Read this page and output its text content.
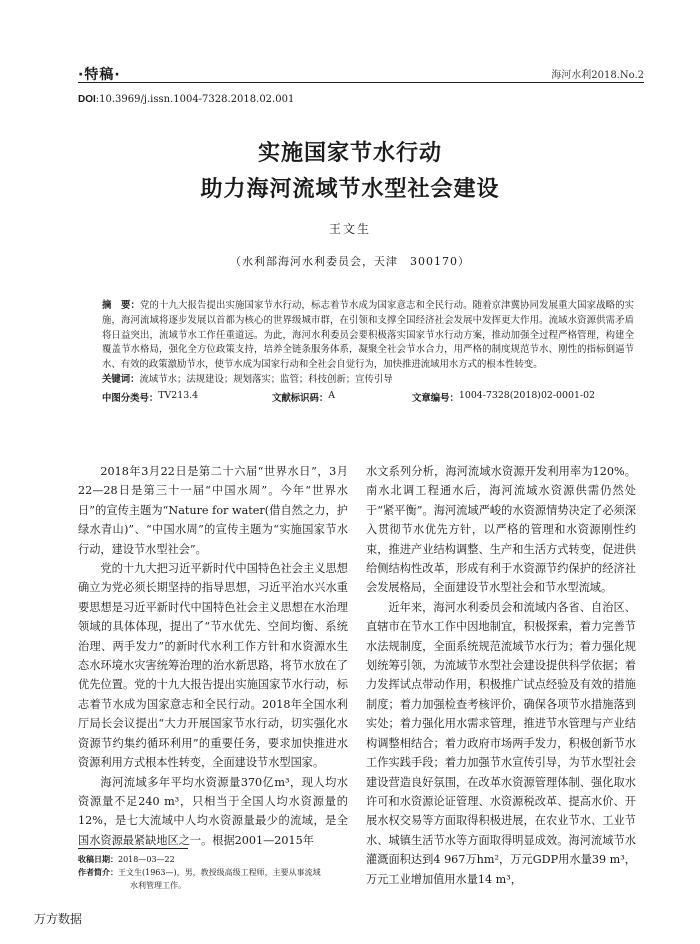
·特稿·	海河水利2018.No.2
DOI:10.3969/j.issn.1004-7328.2018.02.001
实施国家节水行动
助力海河流域节水型社会建设
王文生
（水利部海河水利委员会，天津　300170）
摘　要：党的十九大报告提出实施国家节水行动，标志着节水成为国家意志和全民行动。随着京津冀协同发展重大国家战略的实施，海河流域将逐步发展以首都为核心的世界级城市群，在引领和支撑全国经济社会发展中发挥更大作用。流域水资源供需矛盾将日益突出，流域节水工作任重道远。为此，海河水利委员会要积极落实国家节水行动方案，推动加强全过程严格管理，构建全覆盖节水格局，强化全方位政策支持，培养全链条服务体系，凝聚全社会节水合力，用严格的制度规范节水、刚性的指标倒逼节水、有效的政策激励节水，使节水成为国家行动和全社会自觉行为，加快推进流域用水方式的根本性转变。
关键词：流域节水；法规建设；规划落实；监管；科技创新；宣传引导
中图分类号： TV213.4	文献标识码： A	文章编号： 1004-7328(2018)02-0001-02

2018年3月22日是第二十六届“世界水日”，3月22—28日是第三十一届“中国水周”。今年“世界水日”的宣传主题为“Nature for water(借自然之力，护绿水青山)”、“中国水周”的宣传主题为“实施国家节水行动，建设节水型社会”。

党的十九大把习近平新时代中国特色社会主义思想确立为党必须长期坚持的指导思想，习近平治水兴水重要思想是习近平新时代中国特色社会主义思想在水治理领域的具体体现，提出了“节水优先、空间均衡、系统治理、两手发力”的新时代水利工作方针和水资源水生态水环境水灾害统筹治理的治水新思路，将节水放在了优先位置。党的十九大报告提出实施国家节水行动，标志着节水成为国家意志和全民行动。2018年全国水利厅局长会议提出“大力开展国家节水行动，切实强化水资源节约集约循环利用”的重要任务，要求加快推进水资源利用方式根本性转变，全面建设节水型国家。

海河流域多年平均水资源量370亿m³，现人均水资源量不足240 m³，只相当于全国人均水资源量的12%，是七大流域中人均水资源量最少的流域，是全国水资源最紧缺地区之一。根据2001—2015年

水文系列分析，海河流域水资源开发利用率为120%。南水北调工程通水后，海河流域水资源供需仍然处于“紧平衡”。海河流域严峻的水资源情势决定了必须深入贯彻节水优先方针，以严格的管理和水资源刚性约束，推进产业结构调整、生产和生活方式转变，促进供给侧结构性改革，形成有利于水资源节约保护的经济社会发展格局，全面建设节水型社会和节水型流域。

近年来，海河水利委员会和流域内各省、自治区、直辖市在节水工作中因地制宜，积极探索，着力完善节水法规制度，全面系统规范流域节水行为；着力强化规划统筹引领，为流域节水型社会建设提供科学依据；着力发挥试点带动作用，积极推广试点经验及有效的措施制度；着力加强检查考核评价，确保各项节水措施落到实处；着力强化用水需求管理，推进节水管理与产业结构调整相结合；着力政府市场两手发力，积极创新节水工作实践手段；着力加强节水宣传引导，为节水型社会建设营造良好氛围，在改革水资源管理体制、强化取水许可和水资源论证管理、水资源税改革、提高水价、开展水权交易等方面取得积极进展，在农业节水、工业节水、城镇生活节水等方面取得明显成效。海河流域节水灌溉面积达到4 967万hm²，万元GDP用水量39 m³，万元工业增加值用水量14 m³，

收稿日期：2018—03—22
作者简介：王文生(1963—)，男，教授级高级工程师，主要从事流域
水利管理工作。
万方数据
